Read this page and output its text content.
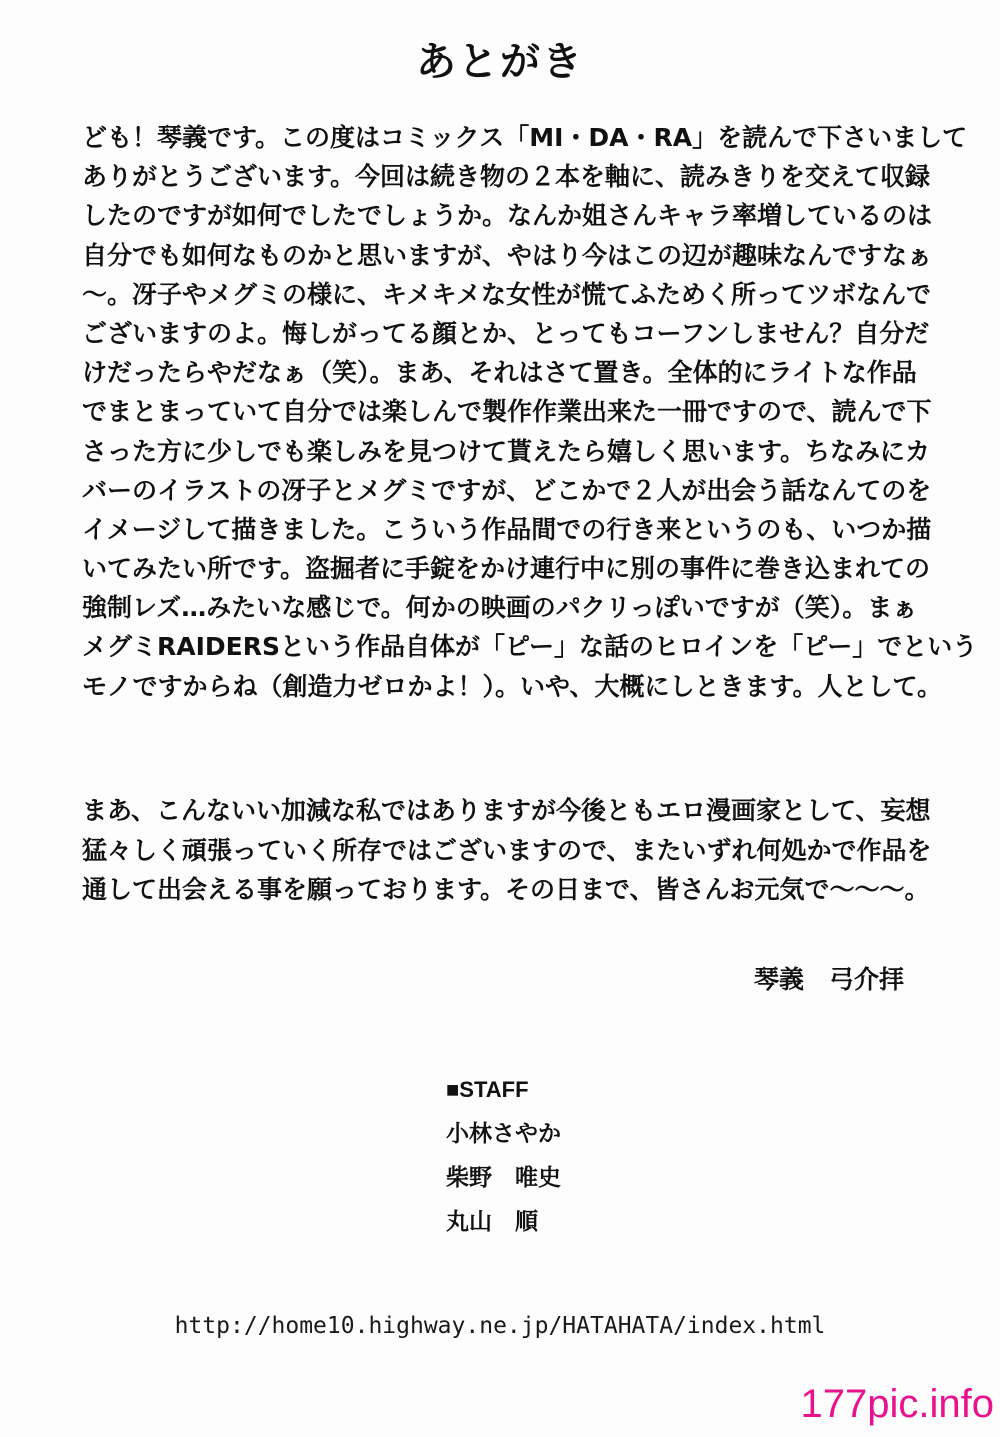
あとがき
ども！琴義です。この度はコミックス「MI・DA・RA」を読んで下さいまして
ありがとうございます。今回は続き物の２本を軸に、読みきりを交えて収録
したのですが如何でしたでしょうか。なんか姐さんキャラ率増しているのは
自分でも如何なものかと思いますが、やはり今はこの辺が趣味なんですなぁ
～。冴子やメグミの様に、キメキメな女性が慌てふためく所ってツボなんで
ございますのよ。悔しがってる顔とか、とってもコーフンしません？自分だ
けだったらやだなぁ（笑）。まあ、それはさて置き。全体的にライトな作品
でまとまっていて自分では楽しんで製作作業出来た一冊ですので、読んで下
さった方に少しでも楽しみを見つけて貰えたら嬉しく思います。ちなみにカ
バーのイラストの冴子とメグミですが、どこかで２人が出会う話なんてのを
イメージして描きました。こういう作品間での行き来というのも、いつか描
いてみたい所です。盗掘者に手錠をかけ連行中に別の事件に巻き込まれての
強制レズ…みたいな感じで。何かの映画のパクリっぽいですが（笑）。まぁ
メグミRAIDERSという作品自体が「ピー」な話のヒロインを「ピー」でという
モノですからね（創造力ゼロかよ！）。いや、大概にしときます。人として。
まあ、こんないい加減な私ではありますが今後ともエロ漫画家として、妄想
猛々しく頑張っていく所存ではございますので、またいずれ何処かで作品を
通して出会える事を願っております。その日まで、皆さんお元気で～～～。
琴義　弓介拝
■STAFF
小林さやか
柴野　唯史
丸山　順
http://home10.highway.ne.jp/HATAHATA/index.html
177pic.info
